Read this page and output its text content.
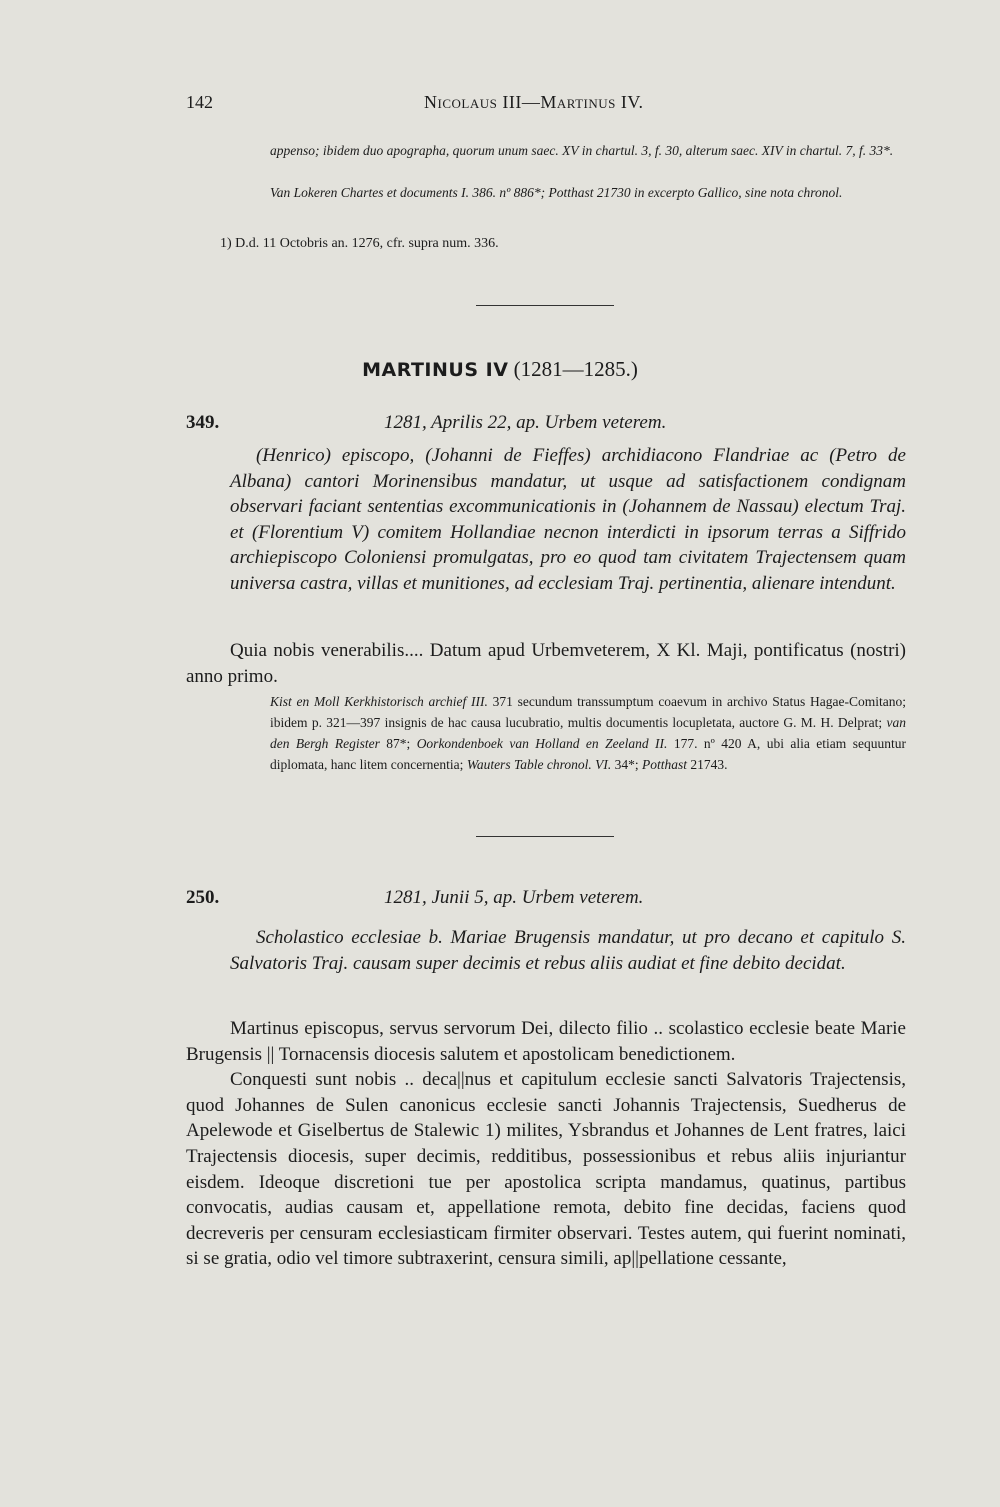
142	Nicolaus III—Martinus IV.
appenso; ibidem duo apographa, quorum unum saec. XV in chartul. 3, f. 30, alterum saec. XIV in chartul. 7, f. 33*.
Van Lokeren Chartes et documents I. 386. nº 886*; Potthast 21730 in excerpto Gallico, sine nota chronol.
1) D.d. 11 Octobris an. 1276, cfr. supra num. 336.
MARTINUS IV (1281—1285.)
349.	1281, Aprilis 22, ap. Urbem veterem.

(Henrico) episcopo, (Johanni de Fieffes) archidiacono Flandriae ac (Petro de Albana) cantori Morinensibus mandatur, ut usque ad satisfactionem condignam observari faciant sententias excommunicationis in (Johannem de Nassau) electum Traj. et (Florentium V) comitem Hollandiae necnon interdicti in ipsorum terras a Siffrido archiepiscopo Coloniensi promulgatas, pro eo quod tam civitatem Trajectensem quam universa castra, villas et munitiones, ad ecclesiam Traj. pertinentia, alienare intendunt.

Quia nobis venerabilis.... Datum apud Urbemveterem, X Kl. Maji, pontificatus (nostri) anno primo.

Kist en Moll Kerkhistorisch archief III. 371 secundum transsumptum coaevum in archivo Status Hagae-Comitano; ibidem p. 321—397 insignis de hac causa lucubratio, multis documentis locupletata, auctore G. M. H. Delprat; van den Bergh Register 87*; Oorkondenboek van Holland en Zeeland II. 177. nº 420 A, ubi alia etiam sequuntur diplomata, hanc litem concernentia; Wauters Table chronol. VI. 34*; Potthast 21743.
250.	1281, Junii 5, ap. Urbem veterem.

Scholastico ecclesiae b. Mariae Brugensis mandatur, ut pro decano et capitulo S. Salvatoris Traj. causam super decimis et rebus aliis audiat et fine debito decidat.

Martinus episcopus, servus servorum Dei, dilecto filio .. scolastico ecclesie beate Marie Brugensis || Tornacensis diocesis salutem et apostolicam benedictionem.

Conquesti sunt nobis .. deca||nus et capitulum ecclesie sancti Salvatoris Trajectensis, quod Johannes de Sulen canonicus ecclesie sancti Johannis Trajectensis, Suedherus de Apelewode et Giselbertus de Stalewic 1) milites, Ysbrandus et Johannes de Lent fratres, laici Trajectensis diocesis, super decimis, redditibus, possessionibus et rebus aliis injuriantur eisdem. Ideoque discretioni tue per apostolica scripta mandamus, quatinus, partibus convocatis, audias causam et, appellatione remota, debito fine decidas, faciens quod decreveris per censuram ecclesiasticam firmiter observari. Testes autem, qui fuerint nominati, si se gratia, odio vel timore subtraxerint, censura simili, ap||pellatione cessante,
